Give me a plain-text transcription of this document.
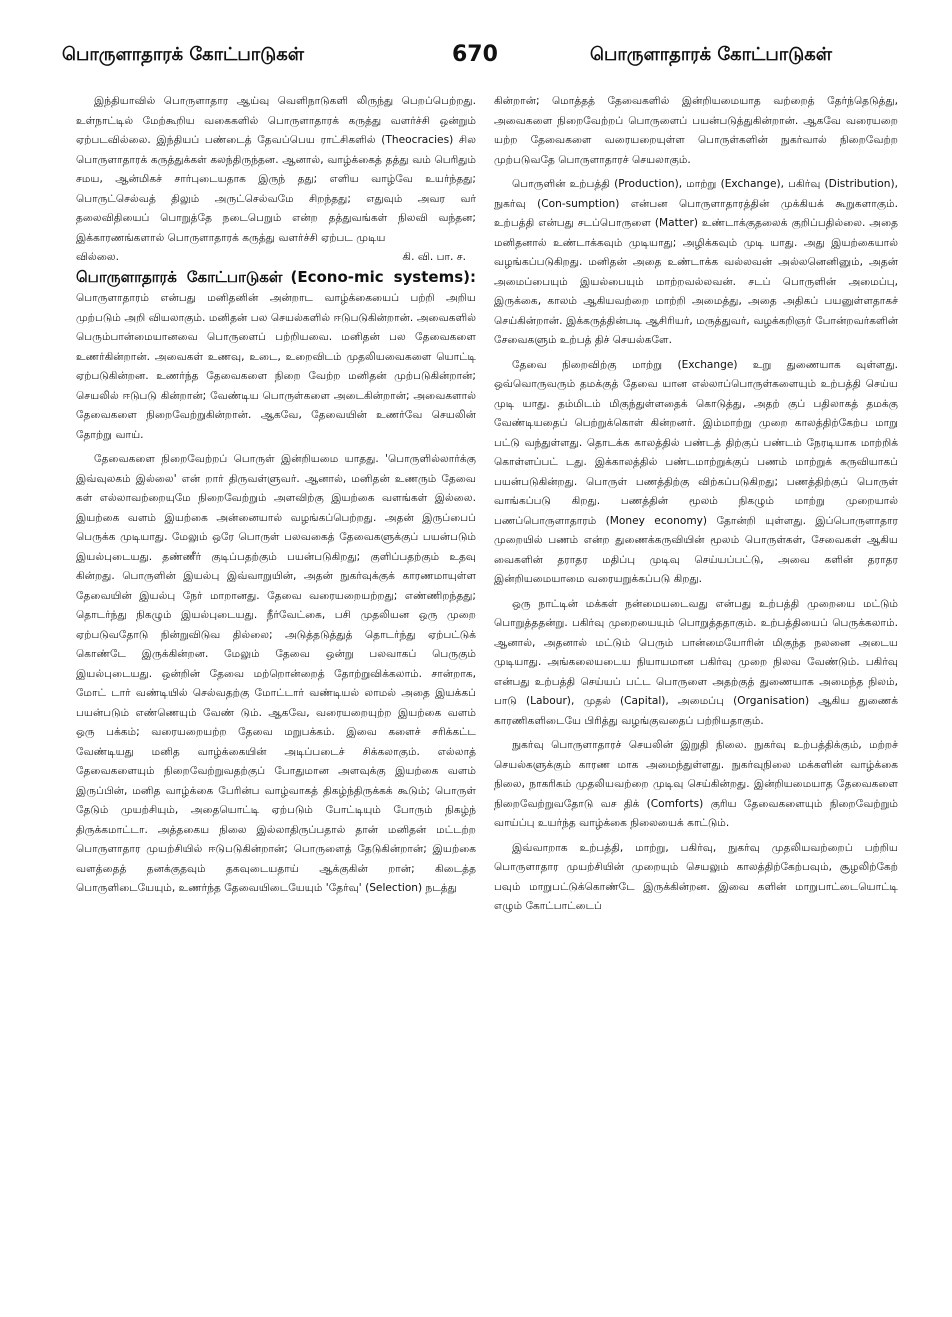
பொருளாதாரக் கோட்பாடுகள்	670	பொருளாதாரக் கோட்பாடுகள்

இந்தியாவில் பொருளாதார ஆய்வு வெளிநாடுகளி லிருந்து பெறப்பெற்றது. உள்நாட்டில் மேற்கூறிய வகைகளில் பொருளாதாரக் கருத்து வளர்ச்சி ஒன்றும் ஏற்படவில்லை. இந்தியப் பண்டைத் தேவப்பெய ராட்சிகளில் (Theocracies) சில பொருளாதாரக் கருத்துக்கள் கலந்திருந்தன. ஆனால், வாழ்க்கைத் தத்து வம் பெரிதும் சமய, ஆன்மிகச் சார்புடையதாக இருந் தது; எளிய வாழ்வே உயர்ந்தது; பொருட்செல்வத் திலும் அருட்செல்வமே சிறந்தது; எதுவும் அவர வர் தலைவிதியைப் பொறுத்தே நடைபெறும் என்ற தத்துவங்கள் நிலவி வந்தன; இக்காரணங்களால் பொருளாதாரக் கருத்து வளர்ச்சி ஏற்பட முடிய

வில்லை.	கி. வி. பா. ச.

பொருளாதாரக் கோட்பாடுகள் (Econo-mic systems): பொருளாதாரம் என்பது மனிதனின் அன்றாட வாழ்க்கையைப் பற்றி அறிய முற்படும் அறி வியலாகும். மனிதன் பல செயல்களில் ஈடுபடுகின்றான். அவைகளில் பெரும்பான்மையானவை பொருளைப் பற்றியவை. மனிதன் பல தேவைகளை உணர்கின்றான். அவைகள் உணவு, உடை, உறைவிடம் முதலியவைகளை யொட்டி ஏற்படுகின்றன. உணர்ந்த தேவைகளை நிறை வேற்ற மனிதன் முற்படுகின்றான்; செயலில் ஈடுபடு கின்றான்; வேண்டிய பொருள்களை அடைகின்றான்; அவைகளால் தேவைகளை நிறைவேற்றுகின்றான். ஆகவே, தேவையின் உணர்வே செயலின் தோற்று வாய்.

தேவைகளை நிறைவேற்றப் பொருள் இன்றியமை யாதது. 'பொருளில்லார்க்கு இவ்வுலகம் இல்லை' என் றார் திருவள்ளுவர். ஆனால், மனிதன் உணரும் தேவை கள் எல்லாவற்றையுமே நிறைவேற்றும் அளவிற்கு இயற்கை வளங்கள் இல்லை. இயற்கை வளம் இயற்கை அன்னையால் வழங்கப்பெற்றது. அதன் இருப்பைப் பெருக்க முடியாது. மேலும் ஒரே பொருள் பலவகைத் தேவைகளுக்குப் பயன்படும் இயல்புடையது. தண்ணீர் குடிப்பதற்கும் பயன்படுகிறது; குளிப்பதற்கும் உதவு கின்றது. பொருளின் இயல்பு இவ்வாறுயின், அதன் நுகர்வுக்குக் காரணமாயுள்ள தேவையின் இயல்பு நேர் மாறானது. தேவை வரையறையற்றது; எண்ணிறந்தது; தொடர்ந்து நிகழும் இயல்புடையது. நீர்வேட்கை, பசி முதலியன ஒரு முறை ஏற்படுவதோடு நின்றுவிடுவ தில்லை; அடுத்தடுத்துத் தொடர்ந்து ஏற்பட்டுக் கொண்டே இருக்கின்றன. மேலும் தேவை ஒன்று பலவாகப் பெருகும் இயல்புடையது. ஒன்றின் தேவை மற்றொன்றைத் தோற்றுவிக்கலாம். சான்றாக, மோட் டார் வண்டியில் செல்வதற்கு மோட்டார் வண்டியல் லாமல் அதை இயக்கப் பயன்படும் எண்ணெயும் வேண் டும். ஆகவே, வரையறையுற்ற இயற்கை வளம் ஒரு பக்கம்; வரையறையற்ற தேவை மறுபக்கம். இவை களைச் சரிக்கட்ட வேண்டியது மனித வாழ்க்கையின் அடிப்படைச் சிக்கலாகும். எல்லாத் தேவைகளையும் நிறைவேற்றுவதற்குப் போதுமான அளவுக்கு இயற்கை வளம் இருப்பின், மனித வாழ்க்கை பேரின்ப வாழ்வாகத் திகழ்ந்திருக்கக் கூடும்; பொருள் தேடும் முயற்சியும், அதையொட்டி ஏற்படும் போட்டியும் போரும் நிகழ்ந் திருக்கமாட்டா. அத்தகைய நிலை இல்லாதிருப்பதால் தான் மனிதன் மட்டற்ற பொருளாதார முயற்சியில் ஈடுபடுகின்றான்; பொருளைத் தேடுகின்றான்; இயற்கை வளத்தைத் தனக்குதவும் தகவுடையதாய் ஆக்குகின் றான்; கிடைத்த பொருளிடையேயும், உணர்ந்த தேவையிடையேயும் 'தேர்வு' (Selection) நடத்து

கின்றான்; மொத்தத் தேவைகளில் இன்றியமையாத வற்றைத் தேர்ந்தெடுத்து, அவைகளை நிறைவேற்றப் பொருளைப் பயன்படுத்துகின்றான். ஆகவே வரையறை யற்ற தேவைகளை வரையறையுள்ள பொருள்களின் நுகர்வால் நிறைவேற்ற முற்படுவதே பொருளாதாரச் செயலாகும்.

பொருளின் உற்பத்தி (Production), மாற்று (Exchange), பகிர்வு (Distribution), நுகர்வு (Con-sumption) என்பன பொருளாதாரத்தின் முக்கியக் கூறுகளாகும். உற்பத்தி என்பது சடப்பொருளை (Matter) உண்டாக்குதலைக் குறிப்பதில்லை. அதை மனிதனால் உண்டாக்கவும் முடியாது; அழிக்கவும் முடி யாது. அது இயற்கையால் வழங்கப்படுகிறது. மனிதன் அதை உண்டாக்க வல்லவன் அல்லனெனினும், அதன் அமைப்பையும் இயல்பையும் மாற்றவல்லவன். சடப் பொருளின் அமைப்பு, இருக்கை, காலம் ஆகியவற்றை மாற்றி அமைத்து, அதை அதிகப் பயனுள்ளதாகச் செய்கின்றான். இக்கருத்தின்படி ஆசிரியர், மருத்துவர், வழக்கறிஞர் போன்றவர்களின் சேவைகளும் உற்பத் திச் செயல்களே.

தேவை நிறைவிற்கு மாற்று (Exchange) உறு துணையாக வுள்ளது. ஒவ்வொருவரும் தமக்குத் தேவை யான எல்லாப்பொருள்களையும் உற்பத்தி செய்ய முடி யாது. தம்மிடம் மிகுந்துள்ளதைக் கொடுத்து, அதற் குப் பதிலாகத் தமக்கு வேண்டியதைப் பெற்றுக்கொள் கின்றனர். இம்மாற்று முறை காலத்திற்கேற்ப மாறு பட்டு வந்துள்ளது. தொடக்க காலத்தில் பண்டத் திற்குப் பண்டம் நேரடியாக மாற்றிக் கொள்ளப்பட் டது. இக்காலத்தில் பண்டமாற்றுக்குப் பணம் மாற்றுக் கருவியாகப் பயன்படுகின்றது. பொருள் பணத்திற்கு விற்கப்படுகிறது; பணத்திற்குப் பொருள் வாங்கப்படு கிறது. பணத்தின் மூலம் நிகழும் மாற்று முறையால் பணப்பொருளாதாரம் (Money economy) தோன்றி யுள்ளது. இப்பொருளாதார முறையில் பணம் என்ற துணைக்கருவியின் மூலம் பொருள்கள், சேவைகள் ஆகிய வைகளின் தராதர மதிப்பு முடிவு செய்யப்பட்டு, அவை களின் தராதர இன்றியமையாமை வரையறுக்கப்படு கிறது.

ஒரு நாட்டின் மக்கள் நன்மையடைவது என்பது உற்பத்தி முறையை மட்டும் பொறுத்ததன்று. பகிர்வு முறையையும் பொறுத்ததாகும். உற்பத்தியைப் பெருக்கலாம். ஆனால், அதனால் மட்டும் பெரும் பான்மையோரின் மிகுந்த நலனை அடைய முடியாது. அங்கலையடைய நியாயமான பகிர்வு முறை நிலவ வேண்டும். பகிர்வு என்பது உற்பத்தி செய்யப் பட்ட பொருளை அதற்குத் துணையாக அமைந்த நிலம், பாடு (Labour), முதல் (Capital), அமைப்பு (Organisation) ஆகிய துணைக் காரணிகளிடையே பிரித்து வழங்குவதைப் பற்றியதாகும்.

நுகர்வு பொருளாதாரச் செயலின் இறுதி நிலை. நுகர்வு உற்பத்திக்கும், மற்றச் செயல்களுக்கும் காரண மாக அமைந்துள்ளது. நுகர்வுநிலை மக்களின் வாழ்க்கை நிலை, நாகரிகம் முதலியவற்றை முடிவு செய்கின்றது. இன்றியமையாத தேவைகளை நிறைவேற்றுவதோடு வச திக் (Comforts) குரிய தேவைகளையும் நிறைவேற்றும் வாய்ப்பு உயர்ந்த வாழ்க்கை நிலையைக் காட்டும்.

இவ்வாறாக உற்பத்தி, மாற்று, பகிர்வு, நுகர்வு முதலியவற்றைப் பற்றிய பொருளாதார முயற்சியின் முறையும் செயலும் காலத்திற்கேற்பவும், சூழலிற்கேற் பவும் மாறுபட்டுக்கொண்டே இருக்கின்றன. இவை களின் மாறுபாட்டையொட்டி எழும் கோட்பாட்டைப்
